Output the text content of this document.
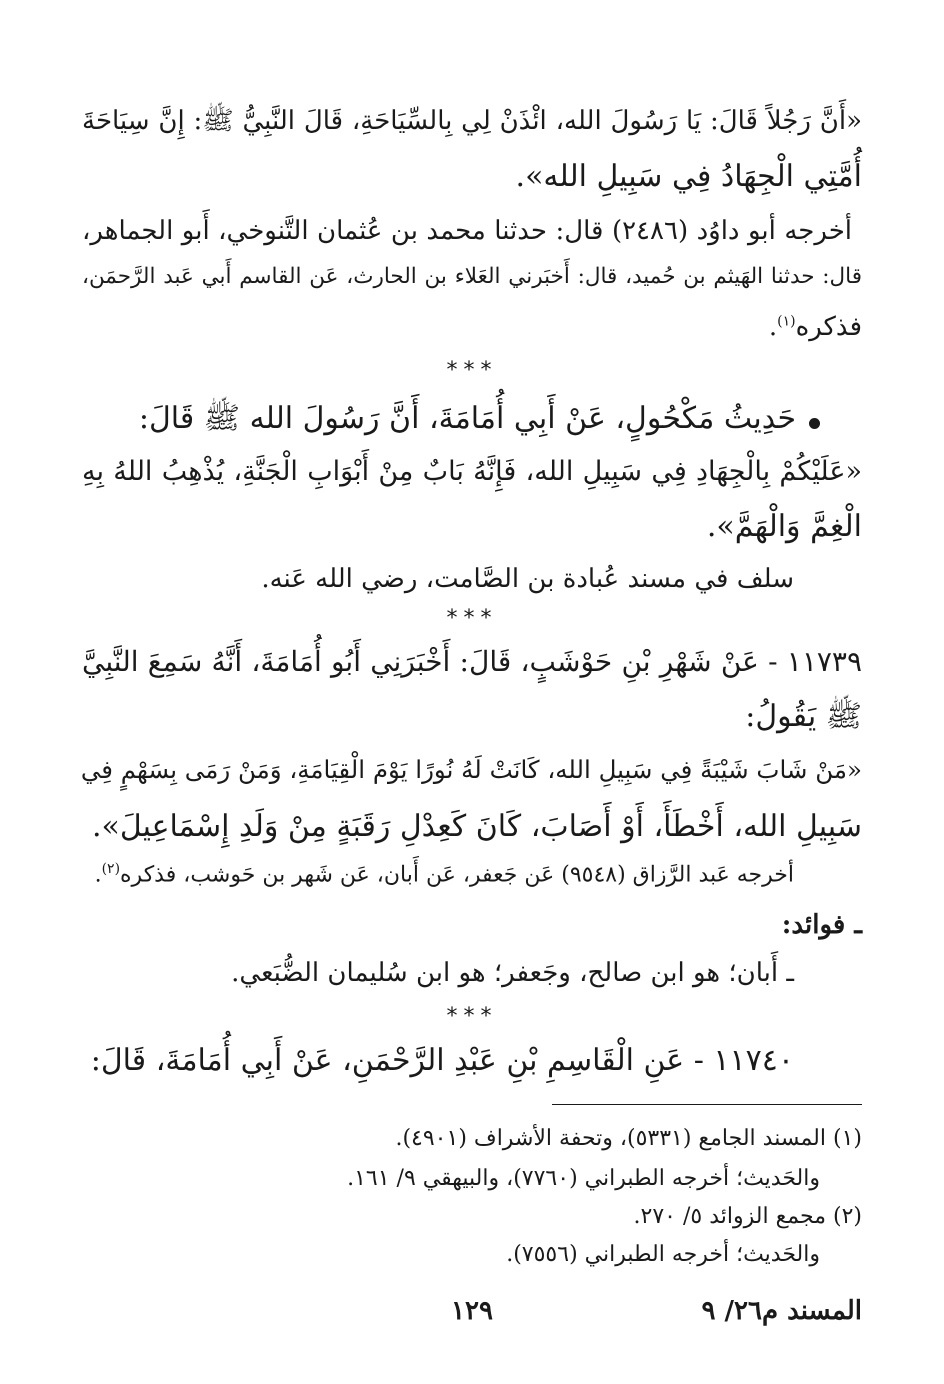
«أَنَّ رَجُلاً قَالَ: يَا رَسُولَ الله، ائْذَنْ لِي بِالسِّيَاحَةِ، قَالَ النَّبِيُّ ﷺ: إِنَّ سِيَاحَةَ

أُمَّتِي الْجِهَادُ فِي سَبِيلِ الله».

أخرجه أبو داوُد (٢٤٨٦) قال: حدثنا محمد بن عُثمان التَّنوخي، أَبو الجماهر،

قال: حدثنا الهَيثم بن حُميد، قال: أَخبَرني العَلاء بن الحارث، عَن القاسم أَبي عَبد الرَّحمَن،

فذكره$^{(١)}$.

***

حَدِيثُ مَكْحُولٍ، عَنْ أَبِي أُمَامَةَ، أَنَّ رَسُولَ الله ﷺ قَالَ:

«عَلَيْكُمْ بِالْجِهَادِ فِي سَبِيلِ الله، فَإِنَّهُ بَابٌ مِنْ أَبْوَابِ الْجَنَّةِ، يُذْهِبُ اللهُ بِهِ

الْغِمَّ وَالْهَمَّ».

سلف في مسند عُبادة بن الصَّامت، رضي الله عَنه.

***

١١٧٣٩ - عَنْ شَهْرِ بْنِ حَوْشَبٍ، قَالَ: أَخْبَرَنِي أَبُو أُمَامَةَ، أَنَّهُ سَمِعَ النَّبِيَّ

ﷺ يَقُولُ:

«مَنْ شَابَ شَيْبَةً فِي سَبِيلِ الله، كَانَتْ لَهُ نُورًا يَوْمَ الْقِيَامَةِ، وَمَنْ رَمَى بِسَهْمٍ فِي

سَبِيلِ الله، أَخْطَأَ، أَوْ أَصَابَ، كَانَ كَعِدْلِ رَقَبَةٍ مِنْ وَلَدِ إِسْمَاعِيلَ».

أخرجه عَبد الرَّزاق (٩٥٤٨) عَن جَعفر، عَن أَبان، عَن شَهر بن حَوشب، فذكره$^{(٢)}$.

ـ فوائد:

ـ أَبان؛ هو ابن صالح، وجَعفر؛ هو ابن سُليمان الضُّبَعي.

***

١١٧٤٠ - عَنِ الْقَاسِمِ بْنِ عَبْدِ الرَّحْمَنِ، عَنْ أَبِي أُمَامَةَ، قَالَ:

(١) المسند الجامع (٥٣٣١)، وتحفة الأشراف (٤٩٠١).

والحَديث؛ أخرجه الطبراني (٧٧٦٠)، والبيهقي ٩/ ١٦١.

(٢) مجمع الزوائد ٥/ ٢٧٠.

والحَديث؛ أخرجه الطبراني (٧٥٥٦).

المسند م٢٦/ ٩

١٢٩
